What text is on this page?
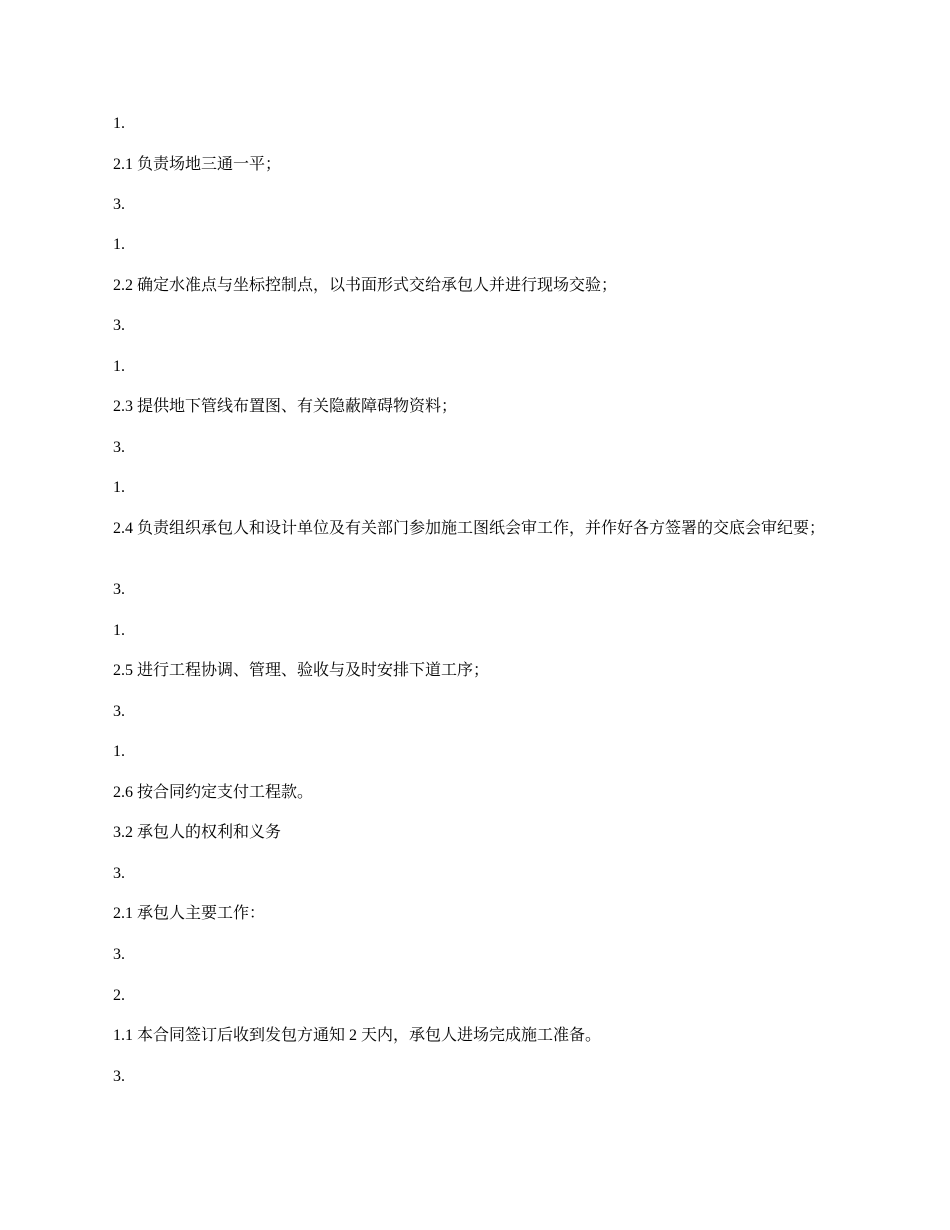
1.

2.1 负责场地三通一平；

3.

1.

2.2 确定水准点与坐标控制点，以书面形式交给承包人并进行现场交验；

3.

1.

2.3 提供地下管线布置图、有关隐蔽障碍物资料；

3.

1.

2.4 负责组织承包人和设计单位及有关部门参加施工图纸会审工作，并作好各方签署的交底会审纪要；

3.

1.

2.5 进行工程协调、管理、验收与及时安排下道工序；

3.

1.

2.6 按合同约定支付工程款。

3.2 承包人的权利和义务

3.

2.1 承包人主要工作：

3.

2.

1.1 本合同签订后收到发包方通知 2 天内，承包人进场完成施工准备。

3.
